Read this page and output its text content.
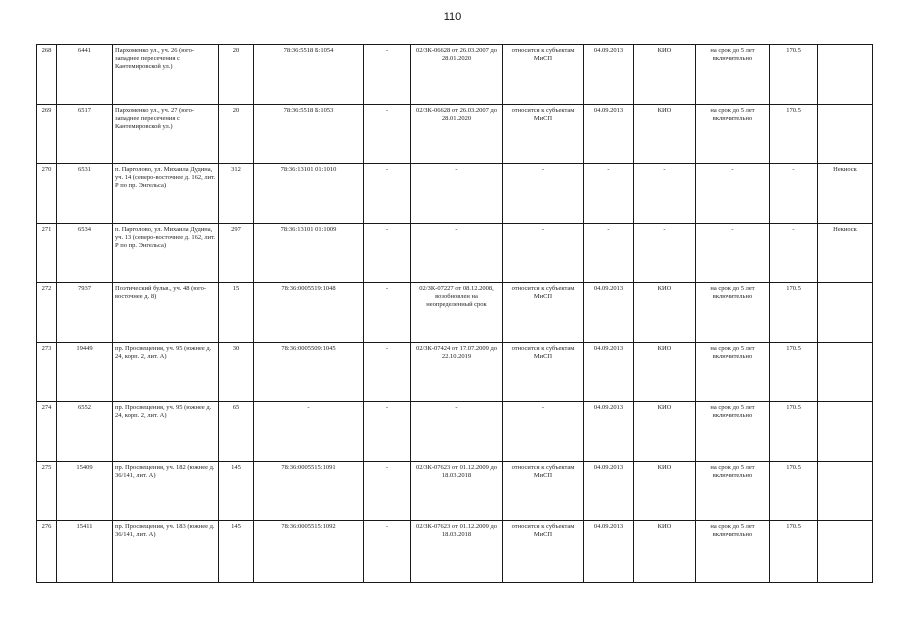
110
268	6441	Пархоменко ул., уч. 26 (юго-западнее пересечения с Кантемировской ул.)	20	78:36:5518 Б:1054	-	02/ЗК-06628 от 26.03.2007 до 28.01.2020	относится к субъектам МиСП	04.09.2013	КИО	на срок до 5 лет включительно	170.5	
269	6517	Пархоменко ул., уч. 27 (юго-западнее пересечения с Кантемировской ул.)	20	78:36:5518 Б:1053	-	02/ЗК-06628 от 26.03.2007 до 28.01.2020	относится к субъектам МиСП	04.09.2013	КИО	на срок до 5 лет включительно	170.5	
270	6531	п. Парголово, ул. Михаила Дудина, уч. 14 (северо-восточнее д. 162, лит. Р по пр. Энгельса)	312	78:36:13101 01:1010	-	-	-	-	-	-	-	Некиоск
271	6534	п. Парголово, ул. Михаила Дудина, уч. 13 (северо-восточнее д. 162, лит. Р по пр. Энгельса)	297	78:36:13101 01:1009	-	-	-	-	-	-	-	Некиоск
272	7937	Поэтический бульв., уч. 48 (юго-восточнее д. 8)	15	78:36:0005519:1048	-	02/ЗК-07227 от 08.12.2008, возобновлен на неопределенный срок	относится к субъектам МиСП	04.09.2013	КИО	на срок до 5 лет включительно	170.5	
273	19449	пр. Просвещения, уч. 95 (южнее д. 24, корп. 2, лит. А)	30	78:36:0005509:1045	-	02/ЗК-07424 от 17.07.2009 до 22.10.2019	относится к субъектам МиСП	04.09.2013	КИО	на срок до 5 лет включительно	170.5	
274	6552	пр. Просвещения, уч. 95 (южнее д. 24, корп. 2, лит. А)	65	-	-	-	-	04.09.2013	КИО	на срок до 5 лет включительно	170.5	
275	15409	пр. Просвещения, уч. 182 (южнее д. 36/141, лит. А)	145	78:36:0005515:1091	-	02/ЗК-07623 от 01.12.2009 до 18.03.2018	относится к субъектам МиСП	04.09.2013	КИО	на срок до 5 лет включительно	170.5	
276	15411	пр. Просвещения, уч. 183 (южнее д. 36/141, лит. А)	145	78:36:0005515:1092	-	02/ЗК-07623 от 01.12.2009 до 18.03.2018	относится к субъектам МиСП	04.09.2013	КИО	на срок до 5 лет включительно	170.5	
